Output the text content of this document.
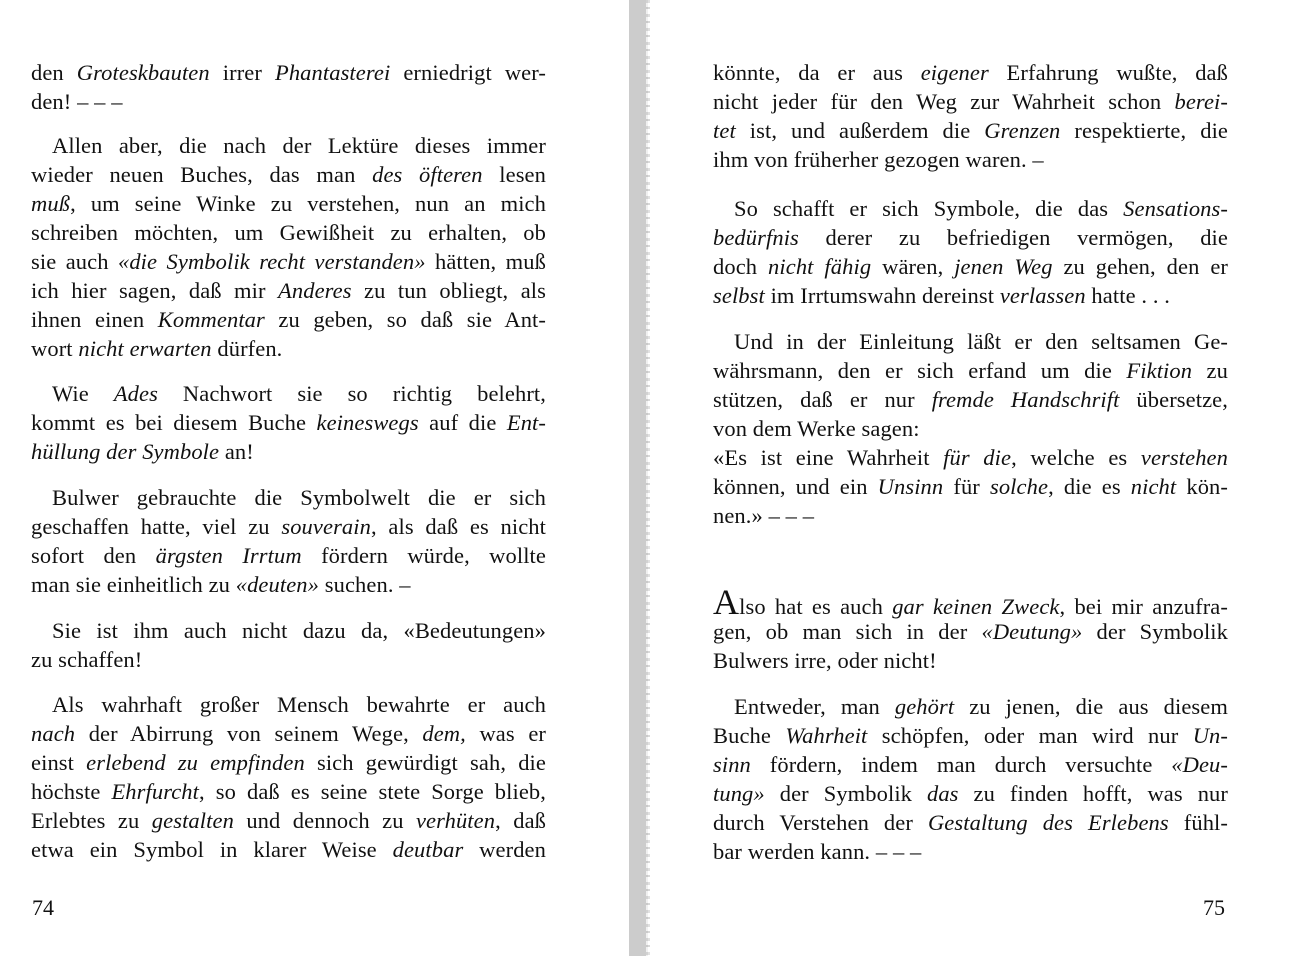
den Groteskbauten irrer Phantasterei erniedrigt wer-
den! – – –
Allen aber, die nach der Lektüre dieses immer
wieder neuen Buches, das man des öfteren lesen
muß, um seine Winke zu verstehen, nun an mich
schreiben möchten, um Gewißheit zu erhalten, ob
sie auch «die Symbolik recht verstanden» hätten, muß
ich hier sagen, daß mir Anderes zu tun obliegt, als
ihnen einen Kommentar zu geben, so daß sie Ant-
wort nicht erwarten dürfen.
Wie Ades Nachwort sie so richtig belehrt,
kommt es bei diesem Buche keineswegs auf die Ent-
hüllung der Symbole an!
Bulwer gebrauchte die Symbolwelt die er sich
geschaffen hatte, viel zu souverain, als daß es nicht
sofort den ärgsten Irrtum fördern würde, wollte
man sie einheitlich zu «deuten» suchen. –
Sie ist ihm auch nicht dazu da, «Bedeutungen»
zu schaffen!
Als wahrhaft großer Mensch bewahrte er auch
nach der Abirrung von seinem Wege, dem, was er
einst erlebend zu empfinden sich gewürdigt sah, die
höchste Ehrfurcht, so daß es seine stete Sorge blieb,
Erlebtes zu gestalten und dennoch zu verhüten, daß
etwa ein Symbol in klarer Weise deutbar werden
74
könnte, da er aus eigener Erfahrung wußte, daß
nicht jeder für den Weg zur Wahrheit schon berei-
tet ist, und außerdem die Grenzen respektierte, die
ihm von früherher gezogen waren. –
So schafft er sich Symbole, die das Sensations-
bedürfnis derer zu befriedigen vermögen, die
doch nicht fähig wären, jenen Weg zu gehen, den er
selbst im Irrtumswahn dereinst verlassen hatte . . .
Und in der Einleitung läßt er den seltsamen Ge-
währsmann, den er sich erfand um die Fiktion zu
stützen, daß er nur fremde Handschrift übersetze,
von dem Werke sagen:
«Es ist eine Wahrheit für die, welche es verstehen
können, und ein Unsinn für solche, die es nicht kön-
nen.» – – –
Also hat es auch gar keinen Zweck, bei mir anzufra-
gen, ob man sich in der «Deutung» der Symbolik
Bulwers irre, oder nicht!
Entweder, man gehört zu jenen, die aus diesem
Buche Wahrheit schöpfen, oder man wird nur Un-
sinn fördern, indem man durch versuchte «Deu-
tung» der Symbolik das zu finden hofft, was nur
durch Verstehen der Gestaltung des Erlebens fühl-
bar werden kann. – – –
75
